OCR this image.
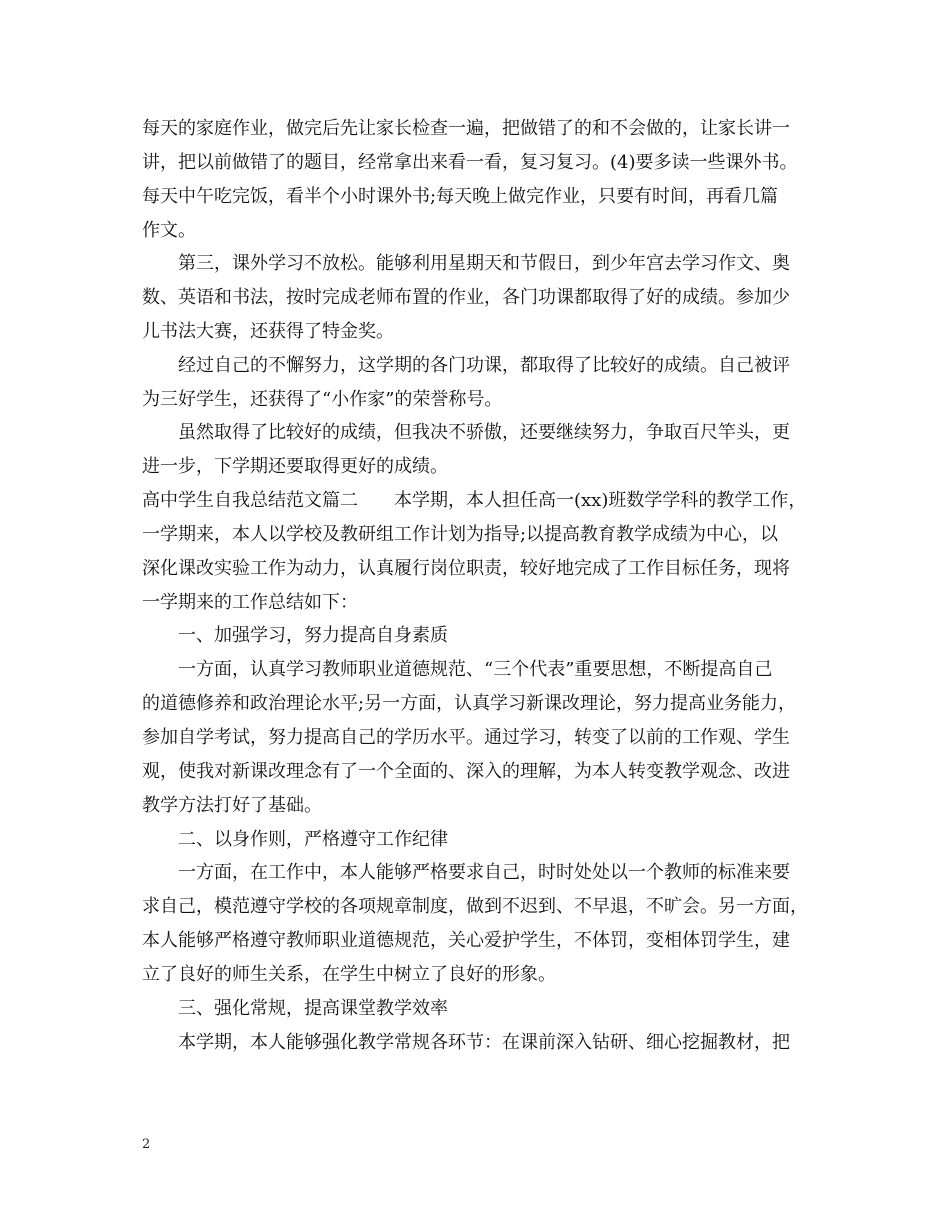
每天的家庭作业，做完后先让家长检查一遍，把做错了的和不会做的，让家长讲一
讲，把以前做错了的题目，经常拿出来看一看，复习复习。(4)要多读一些课外书。
每天中午吃完饭，看半个小时课外书;每天晚上做完作业，只要有时间，再看几篇
作文。
第三，课外学习不放松。能够利用星期天和节假日，到少年宫去学习作文、奥
数、英语和书法，按时完成老师布置的作业，各门功课都取得了好的成绩。参加少
儿书法大赛，还获得了特金奖。
经过自己的不懈努力，这学期的各门功课，都取得了比较好的成绩。自己被评
为三好学生，还获得了“小作家”的荣誉称号。
虽然取得了比较好的成绩，但我决不骄傲，还要继续努力，争取百尺竿头，更
进一步，下学期还要取得更好的成绩。
高中学生自我总结范文篇二　　本学期，本人担任高一(xx)班数学学科的教学工作，
一学期来，本人以学校及教研组工作计划为指导;以提高教育教学成绩为中心，以
深化课改实验工作为动力，认真履行岗位职责，较好地完成了工作目标任务，现将
一学期来的工作总结如下：
一、加强学习，努力提高自身素质
一方面，认真学习教师职业道德规范、“三个代表”重要思想，不断提高自己
的道德修养和政治理论水平;另一方面，认真学习新课改理论，努力提高业务能力，
参加自学考试，努力提高自己的学历水平。通过学习，转变了以前的工作观、学生
观，使我对新课改理念有了一个全面的、深入的理解，为本人转变教学观念、改进
教学方法打好了基础。
二、以身作则，严格遵守工作纪律
一方面，在工作中，本人能够严格要求自己，时时处处以一个教师的标准来要
求自己，模范遵守学校的各项规章制度，做到不迟到、不早退，不旷会。另一方面，
本人能够严格遵守教师职业道德规范，关心爱护学生，不体罚，变相体罚学生，建
立了良好的师生关系，在学生中树立了良好的形象。
三、强化常规，提高课堂教学效率
本学期，本人能够强化教学常规各环节：在课前深入钻研、细心挖掘教材，把
2
